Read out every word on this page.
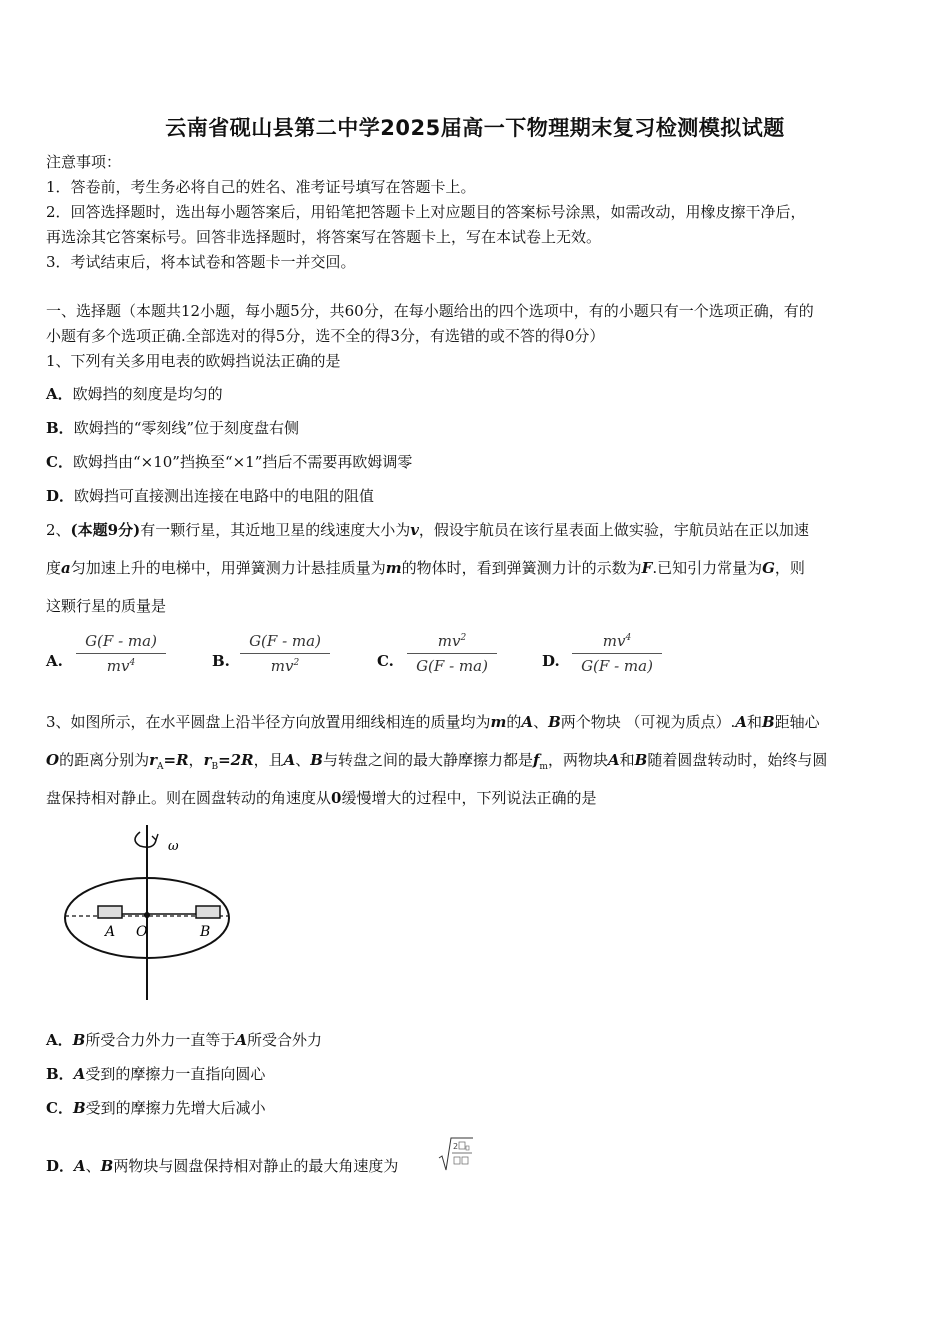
云南省砚山县第二中学2025届高一下物理期末复习检测模拟试题
注意事项：
1．答卷前，考生务必将自己的姓名、准考证号填写在答题卡上。
2．回答选择题时，选出每小题答案后，用铅笔把答题卡上对应题目的答案标号涂黑，如需改动，用橡皮擦干净后，
再选涂其它答案标号。回答非选择题时，将答案写在答题卡上，写在本试卷上无效。
3．考试结束后，将本试卷和答题卡一并交回。
一、选择题（本题共12小题，每小题5分，共60分，在每小题给出的四个选项中，有的小题只有一个选项正确，有的
小题有多个选项正确.全部选对的得5分，选不全的得3分，有选错的或不答的得0分）
1、下列有关多用电表的欧姆挡说法正确的是
A．欧姆挡的刻度是均匀的
B．欧姆挡的“零刻线”位于刻度盘右侧
C．欧姆挡由“×10”挡换至“×1”挡后不需要再欧姆调零
D．欧姆挡可直接测出连接在电路中的电阻的阻值
2、(本题9分)有一颗行星，其近地卫星的线速度大小为v，假设宇航员在该行星表面上做实验，宇航员站在正以加速
度a匀加速上升的电梯中，用弹簧测力计悬挂质量为m的物体时，看到弹簧测力计的示数为F.已知引力常量为G，则
这颗行星的质量是
A. $\frac{G(F - ma)}{mv^4}$	B. $\frac{G(F - ma)}{mv^2}$	C. $\frac{mv^2}{G(F - ma)}$	D. $\frac{mv^4}{G(F - ma)}$
3、如图所示，在水平圆盘上沿半径方向放置用细线相连的质量均为m的A、B两个物块 （可视为质点）.A和B距轴心
O的距离分别为$r_A=R$，$r_B=2R$，且A、B与转盘之间的最大静摩擦力都是$f_m$，两物块A和B随着圆盘转动时，始终与圆
盘保持相对静止。则在圆盘转动的角速度从0缓慢增大的过程中，下列说法正确的是
ω
A O	B
A．B所受合力外力一直等于A所受合外力
B．A受到的摩擦力一直指向圆心
C．B受到的摩擦力先增大后减小
D．A、B两物块与圆盘保持相对静止的最大角速度为
2
